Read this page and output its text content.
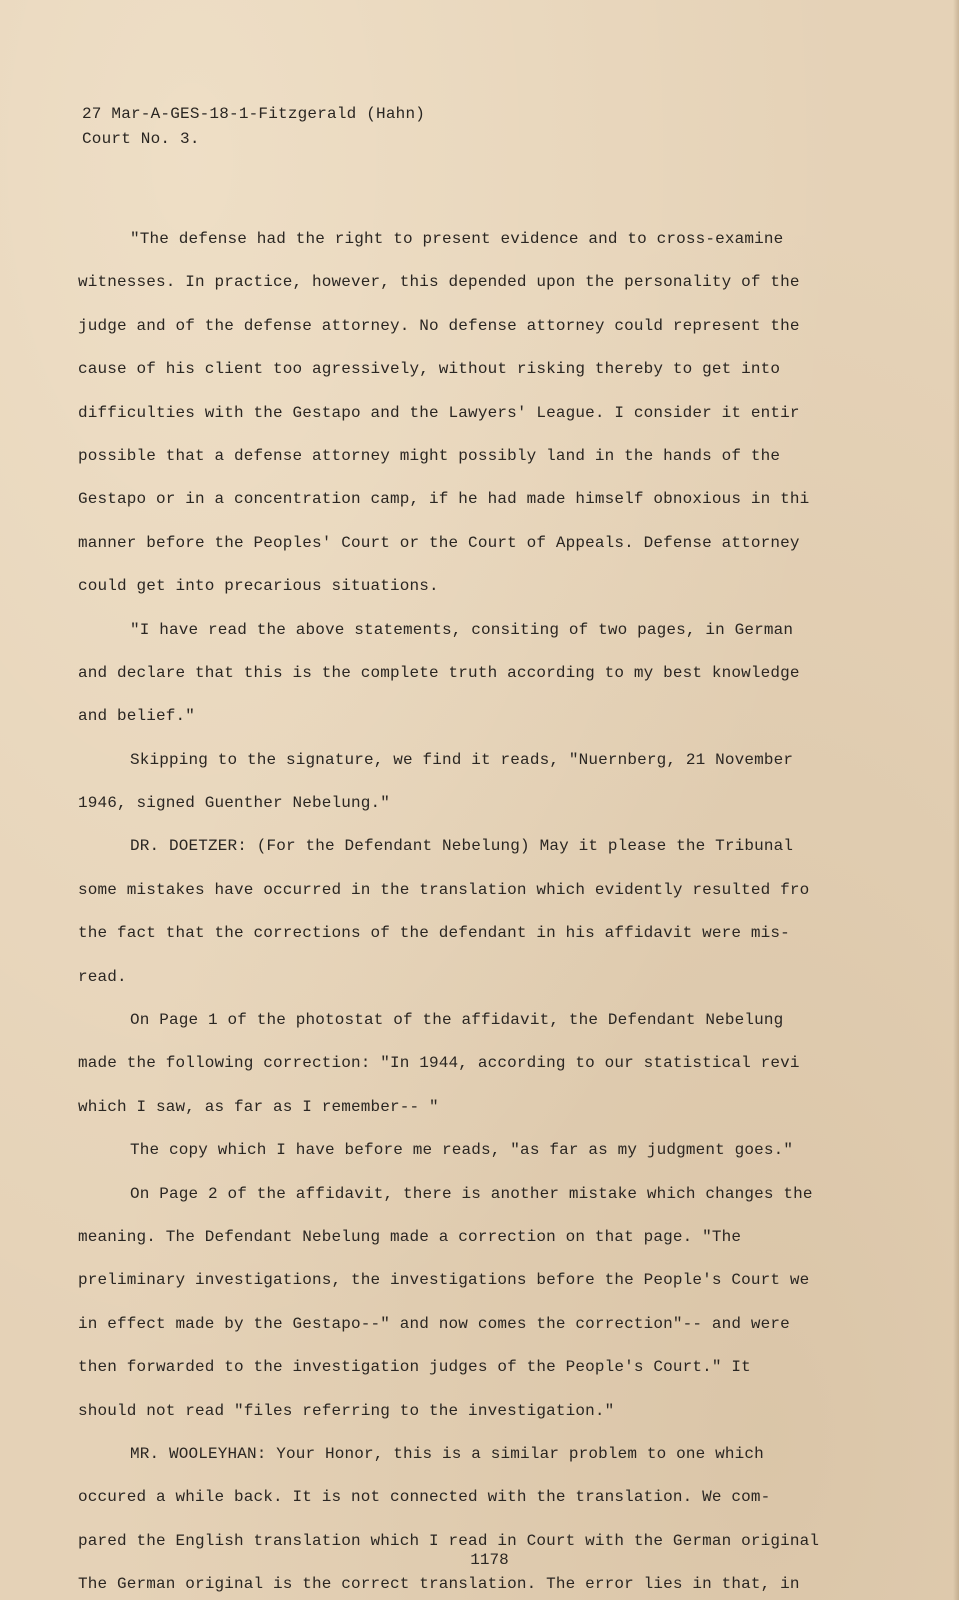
27 Mar-A-GES-18-1-Fitzgerald (Hahn)
Court No. 3.
"The defense had the right to present evidence and to cross-examine
witnesses. In practice, however, this depended upon the personality of the
judge and of the defense attorney. No defense attorney could represent the
cause of his client too agressively, without risking thereby to get into
difficulties with the Gestapo and the Lawyers' League. I consider it entir
possible that a defense attorney might possibly land in the hands of the
Gestapo or in a concentration camp, if he had made himself obnoxious in thi
manner before the Peoples' Court or the Court of Appeals. Defense attorney
could get into precarious situations.
"I have read the above statements, consiting of two pages, in German
and declare that this is the complete truth according to my best knowledge
and belief."
Skipping to the signature, we find it reads, "Nuernberg, 21 November
1946, signed Guenther Nebelung."
DR. DOETZER: (For the Defendant Nebelung) May it please the Tribunal
some mistakes have occurred in the translation which evidently resulted fro
the fact that the corrections of the defendant in his affidavit were mis-
read.
On Page 1 of the photostat of the affidavit, the Defendant Nebelung
made the following correction: "In 1944, according to our statistical revi
which I saw, as far as I remember-- "
The copy which I have before me reads, "as far as my judgment goes."
On Page 2 of the affidavit, there is another mistake which changes the
meaning. The Defendant Nebelung made a correction on that page. "The
preliminary investigations, the investigations before the People's Court we
in effect made by the Gestapo--" and now comes the correction"-- and were
then forwarded to the investigation judges of the People's Court." It
should not read "files referring to the investigation."
MR. WOOLEYHAN: Your Honor, this is a similar problem to one which
occured a while back. It is not connected with the translation. We com-
pared the English translation which I read in Court with the German original
The German original is the correct translation. The error lies in that, in
1178
